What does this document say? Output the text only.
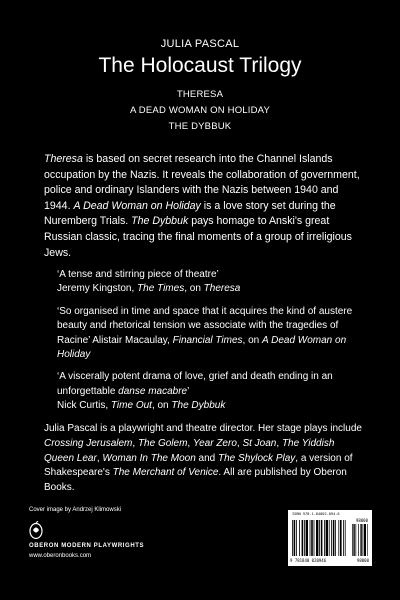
JULIA PASCAL
The Holocaust Trilogy
THERESA
A DEAD WOMAN ON HOLIDAY
THE DYBBUK
Theresa is based on secret research into the Channel Islands occupation by the Nazis. It reveals the collaboration of government, police and ordinary Islanders with the Nazis between 1940 and 1944. A Dead Woman on Holiday is a love story set during the Nuremberg Trials. The Dybbuk pays homage to Anski's great Russian classic, tracing the final moments of a group of irreligious Jews.
‘A tense and stirring piece of theatre’
Jeremy Kingston, The Times, on Theresa
‘So organised in time and space that it acquires the kind of austere beauty and rhetorical tension we associate with the tragedies of Racine’ Alistair Macaulay, Financial Times, on A Dead Woman on Holiday
‘A viscerally potent drama of love, grief and death ending in an unforgettable danse macabre’
Nick Curtis, Time Out, on The Dybbuk
Julia Pascal is a playwright and theatre director. Her stage plays include Crossing Jerusalem, The Golem, Year Zero, St Joan, The Yiddish Queen Lear, Woman In The Moon and The Shylock Play, a version of Shakespeare's The Merchant of Venice. All are published by Oberon Books.
Cover image by Andrzej Klimowski
OBERON MODERN PLAYWRIGHTS
www.oberonbooks.com
ISBN 978-1-84002-094-6
98000
9 781840 020946	98000
